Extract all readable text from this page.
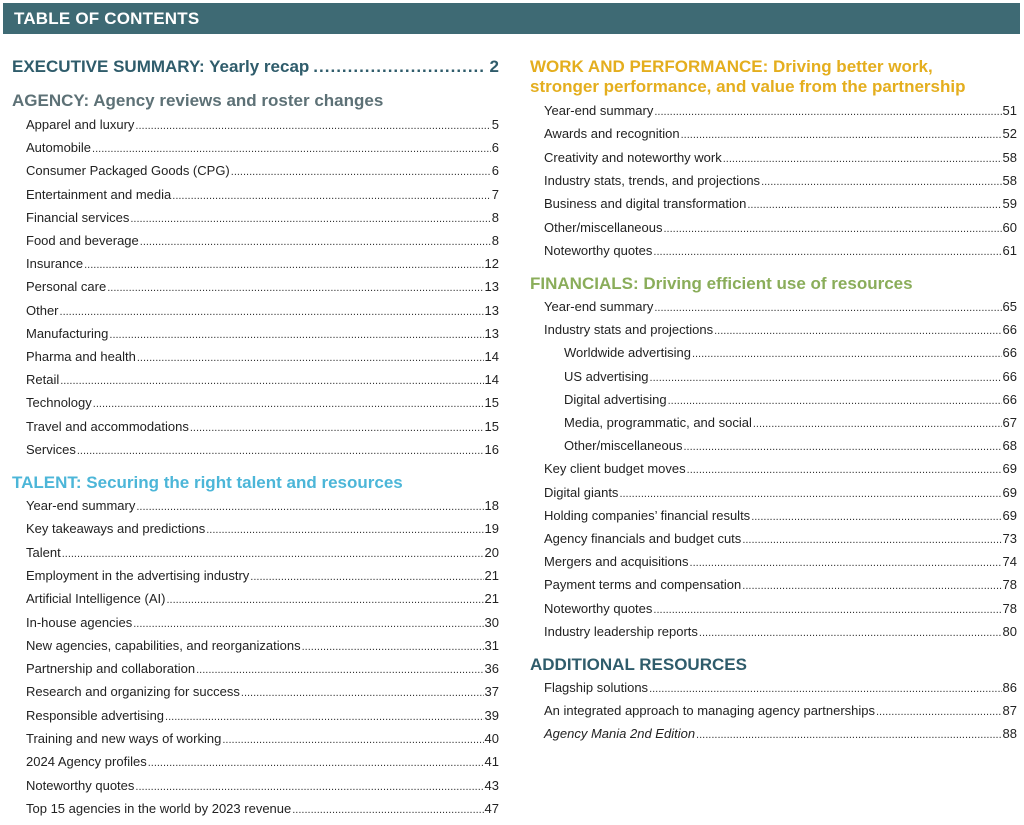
TABLE OF CONTENTS
EXECUTIVE SUMMARY: Yearly recap .....	2
AGENCY: Agency reviews and roster changes
Apparel and luxury .....	5
Automobile .....	6
Consumer Packaged Goods (CPG) .....	6
Entertainment and media .....	7
Financial services .....	8
Food and beverage .....	8
Insurance .....	12
Personal care .....	13
Other .....	13
Manufacturing .....	13
Pharma and health .....	14
Retail .....	14
Technology .....	15
Travel and accommodations .....	15
Services .....	16
TALENT: Securing the right talent and resources
Year-end summary .....	18
Key takeaways and predictions .....	19
Talent .....	20
Employment in the advertising industry .....	21
Artificial Intelligence (AI) .....	21
In-house agencies .....	30
New agencies, capabilities, and reorganizations .....	31
Partnership and collaboration .....	36
Research and organizing for success .....	37
Responsible advertising .....	39
Training and new ways of working .....	40
2024 Agency profiles .....	41
Noteworthy quotes .....	43
Top 15 agencies in the world by 2023 revenue .....	47
WORK AND PERFORMANCE: Driving better work,
stronger performance, and value from the partnership
Year-end summary .....	51
Awards and recognition .....	52
Creativity and noteworthy work .....	58
Industry stats, trends, and projections .....	58
Business and digital transformation .....	59
Other/miscellaneous .....	60
Noteworthy quotes .....	61
FINANCIALS: Driving efficient use of resources
Year-end summary .....	65
Industry stats and projections .....	66
Worldwide advertising .....	66
US advertising .....	66
Digital advertising .....	66
Media, programmatic, and social .....	67
Other/miscellaneous .....	68
Key client budget moves .....	69
Digital giants .....	69
Holding companies’ financial results .....	69
Agency financials and budget cuts .....	73
Mergers and acquisitions .....	74
Payment terms and compensation .....	78
Noteworthy quotes .....	78
Industry leadership reports .....	80
ADDITIONAL RESOURCES
Flagship solutions .....	86
An integrated approach to managing agency partnerships .....	87
Agency Mania 2nd Edition .....	88
